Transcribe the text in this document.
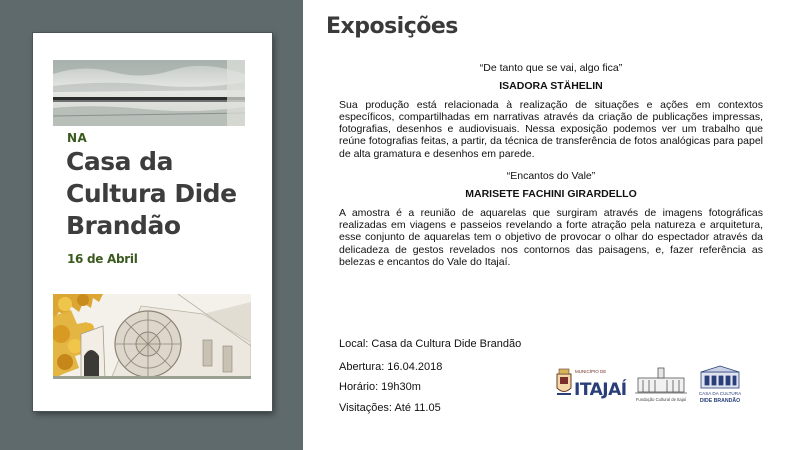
NA
Casa da
Cultura Dide
Brandão
16 de Abril
Exposições

“De tanto que se vai, algo fica”

ISADORA STÄHELIN

Sua produção está relacionada à realização de situações e ações em contextos específicos, compartilhadas em narrativas através da criação de publicações impressas, fotografias, desenhos e audiovisuais. Nessa exposição podemos ver um trabalho que reúne fotografias feitas, a partir, da técnica de transferência de fotos analógicas para papel de alta gramatura e desenhos em parede.

“Encantos do Vale”

MARISETE FACHINI GIRARDELLO

A amostra é a reunião de aquarelas que surgiram através de imagens fotográficas realizadas em viagens e passeios revelando a forte atração pela natureza e arquitetura, esse conjunto de aquarelas tem o objetivo de provocar o olhar do espectador através da delicadeza de gestos revelados nos contornos das paisagens, e, fazer referência as belezas e encantos do Vale do Itajaí.

Local: Casa da Cultura Dide Brandão
Abertura: 16.04.2018
Horário: 19h30m
Visitações: Até 11.05
MUNICÍPIO DE
ITAJAÍ Fundação Cultural de Itajaí
CASA DA CULTURA
DIDE BRANDÃO
